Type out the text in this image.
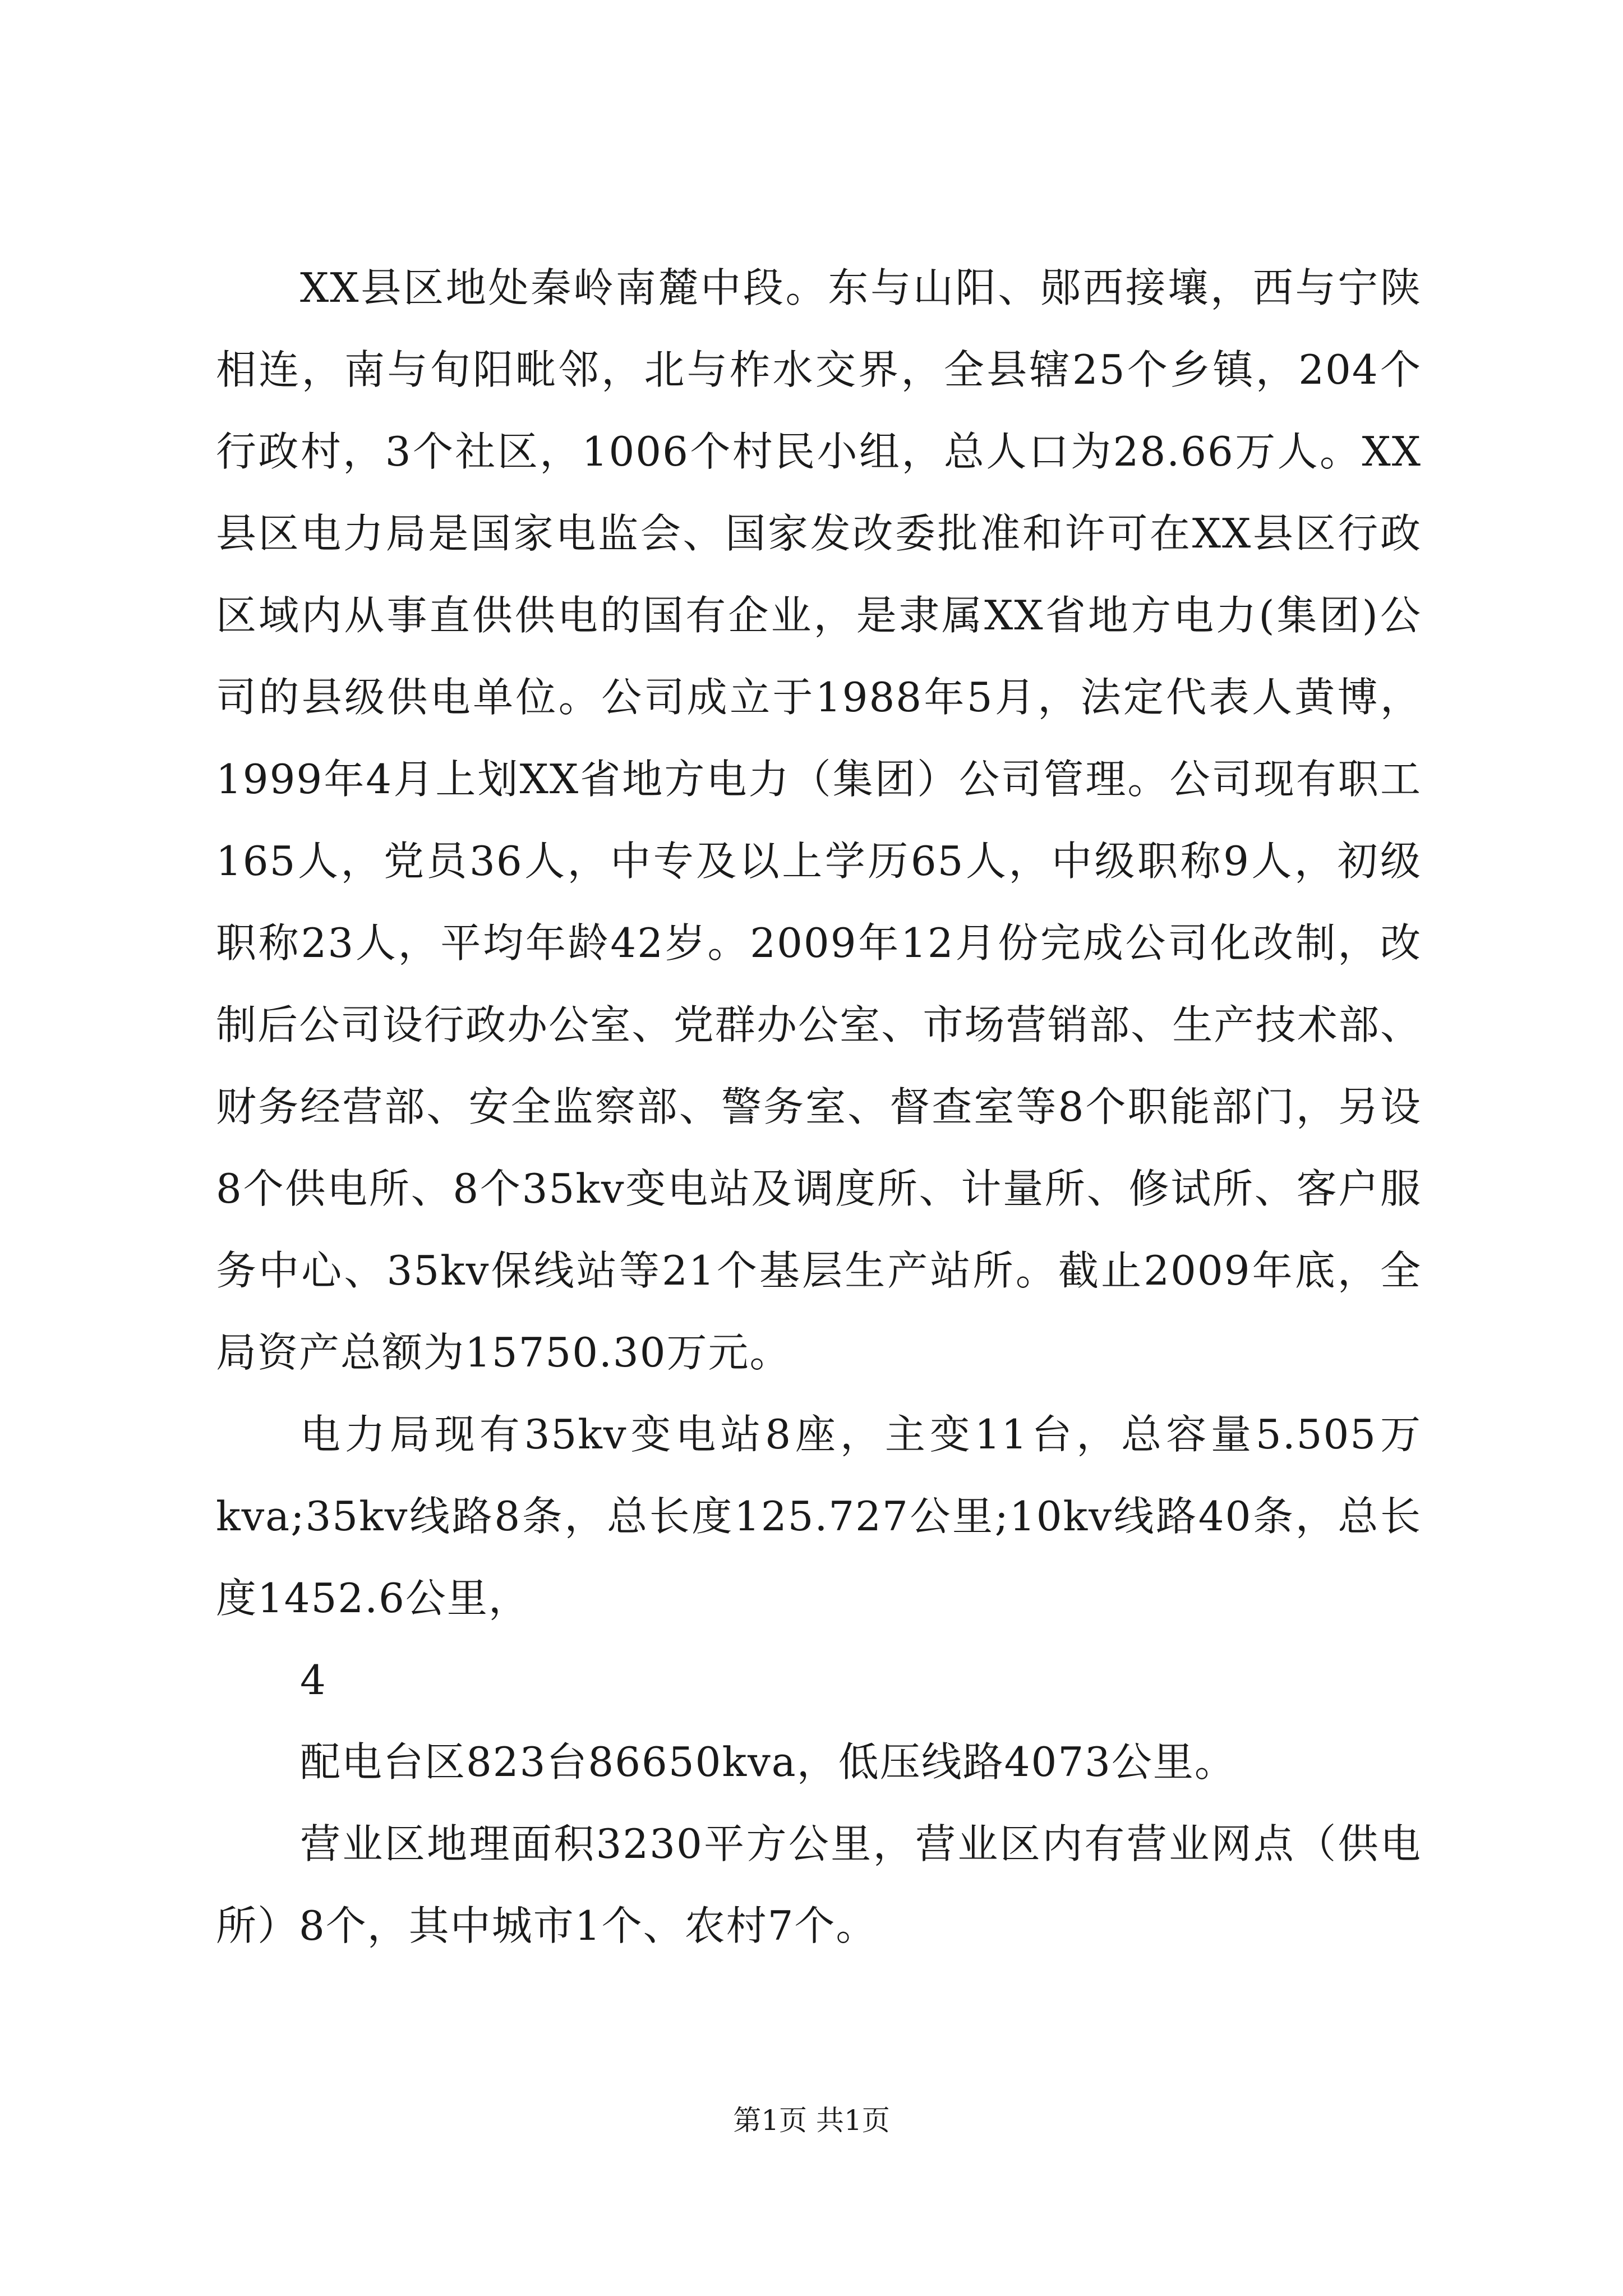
XX县区地处秦岭南麓中段。东与山阳、郧西接壤，西与宁陕相连，南与旬阳毗邻，北与柞水交界，全县辖25个乡镇，204个行政村，3个社区，1006个村民小组，总人口为28.66万人。XX县区电力局是国家电监会、国家发改委批准和许可在XX县区行政区域内从事直供供电的国有企业，是隶属XX省地方电力(集团)公司的县级供电单位。公司成立于1988年5月，法定代表人黄博，1999年4月上划XX省地方电力（集团）公司管理。公司现有职工165人，党员36人，中专及以上学历65人，中级职称9人，初级职称23人，平均年龄42岁。2009年12月份完成公司化改制，改制后公司设行政办公室、党群办公室、市场营销部、生产技术部、财务经营部、安全监察部、警务室、督查室等8个职能部门，另设8个供电所、8个35kv变电站及调度所、计量所、修试所、客户服务中心、35kv保线站等21个基层生产站所。截止2009年底，全局资产总额为15750.30万元。

电力局现有35kv变电站8座，主变11台，总容量5.505万kva;35kv线路8条，总长度125.727公里;10kv线路40条，总长度1452.6公里，

4

配电台区823台86650kva，低压线路4073公里。

营业区地理面积3230平方公里，营业区内有营业网点（供电所）8个，其中城市1个、农村7个。

第1页 共1页
